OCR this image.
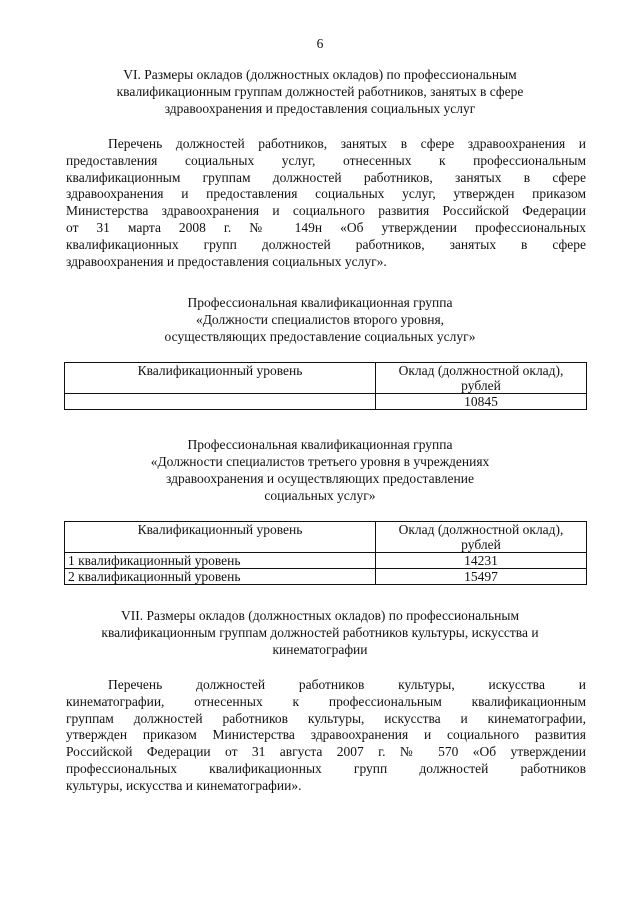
6
VI. Размеры окладов (должностных окладов) по профессиональным
квалификационным группам должностей работников, занятых в сфере
здравоохранения и предоставления социальных услуг
Перечень должностей работников, занятых в сфере здравоохранения и
предоставления социальных услуг, отнесенных к профессиональным
квалификационным группам должностей работников, занятых в сфере
здравоохранения и предоставления социальных услуг, утвержден приказом
Министерства здравоохранения и социального развития Российской Федерации
от 31 марта 2008 г. № 149н «Об утверждении профессиональных
квалификационных групп должностей работников, занятых в сфере
здравоохранения и предоставления социальных услуг».
Профессиональная квалификационная группа
«Должности специалистов второго уровня,
осуществляющих предоставление социальных услуг»
Квалификационный уровень	Оклад (должностной оклад),
рублей

	10845
Профессиональная квалификационная группа
«Должности специалистов третьего уровня в учреждениях
здравоохранения и осуществляющих предоставление
социальных услуг»
Квалификационный уровень	Оклад (должностной оклад),
рублей

1 квалификационный уровень	14231
2 квалификационный уровень	15497
VII. Размеры окладов (должностных окладов) по профессиональным
квалификационным группам должностей работников культуры, искусства и
кинематографии
Перечень должностей работников культуры, искусства и
кинематографии, отнесенных к профессиональным квалификационным
группам должностей работников культуры, искусства и кинематографии,
утвержден приказом Министерства здравоохранения и социального развития
Российской Федерации от 31 августа 2007 г. № 570 «Об утверждении
профессиональных квалификационных групп должностей работников
культуры, искусства и кинематографии».
